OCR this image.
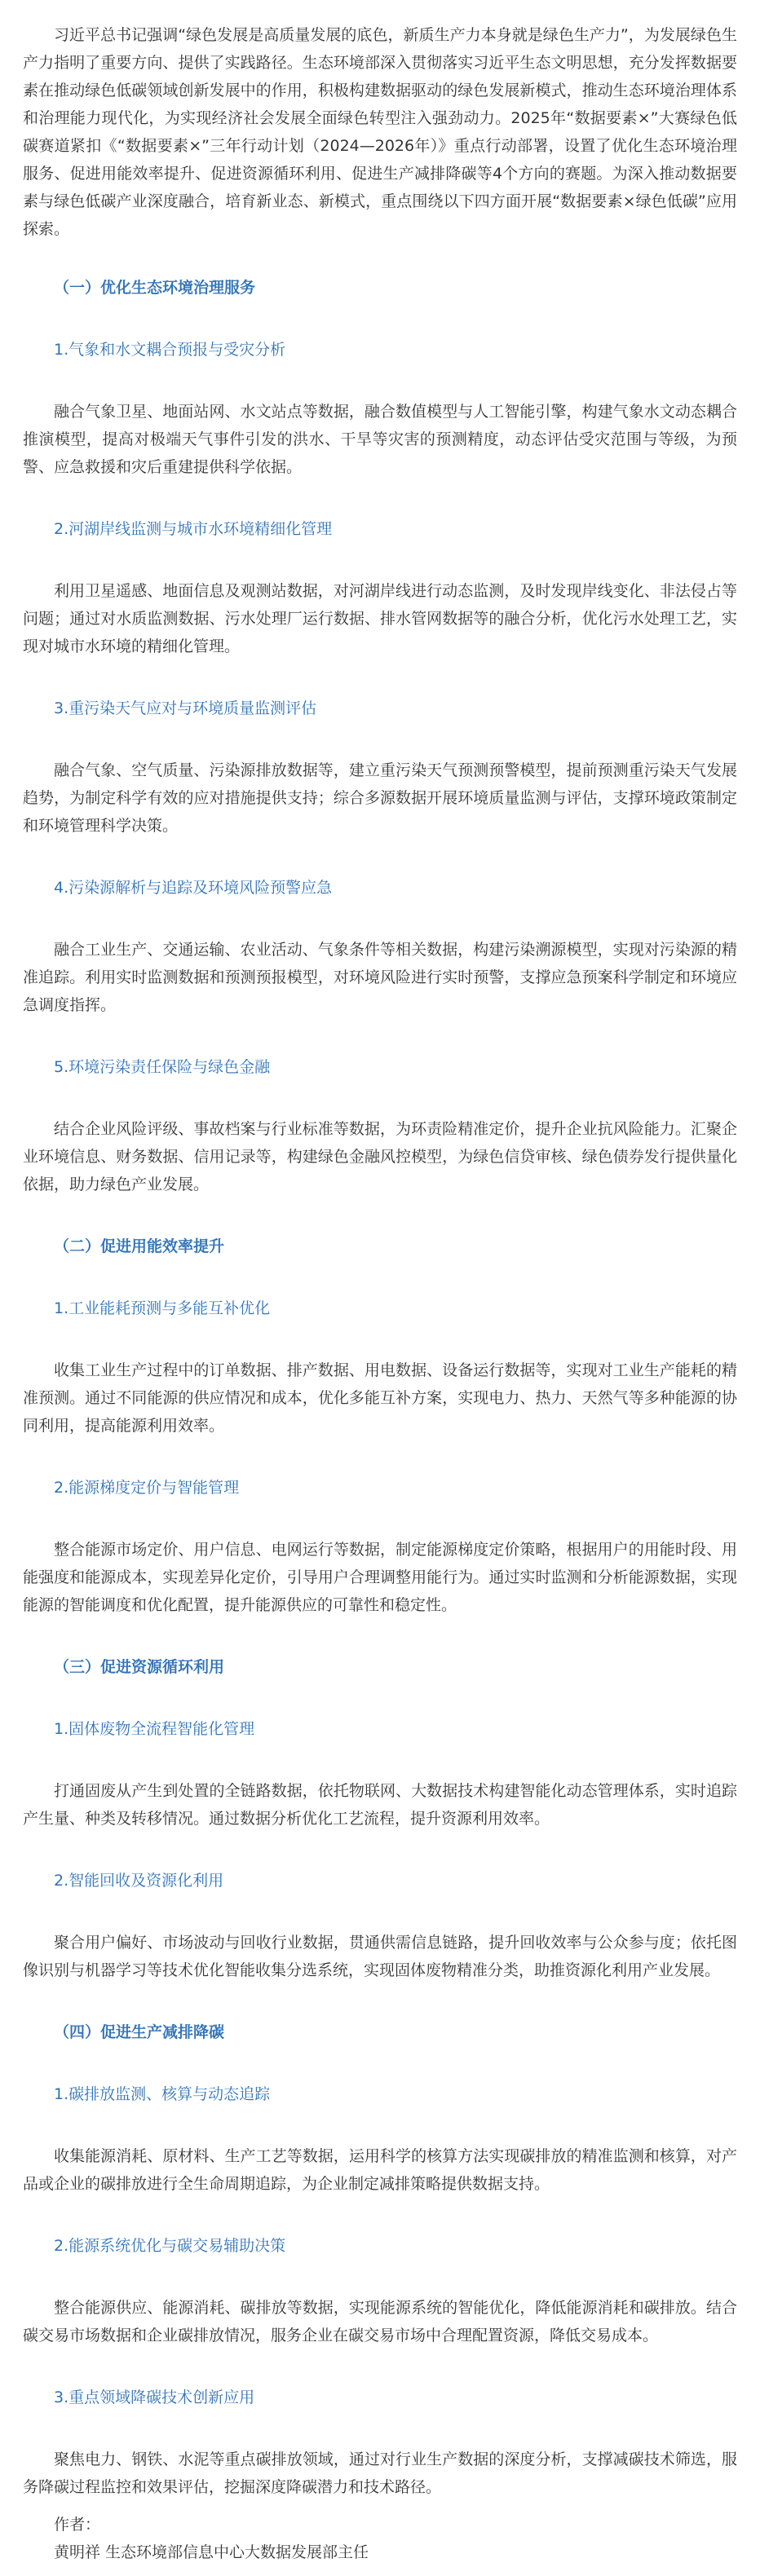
习近平总书记强调“绿色发展是高质量发展的底色，新质生产力本身就是绿色生产力”，为发展绿色生产力指明了重要方向、提供了实践路径。生态环境部深入贯彻落实习近平生态文明思想，充分发挥数据要素在推动绿色低碳领域创新发展中的作用，积极构建数据驱动的绿色发展新模式，推动生态环境治理体系和治理能力现代化，为实现经济社会发展全面绿色转型注入强劲动力。2025年“数据要素×”大赛绿色低碳赛道紧扣《“数据要素×”三年行动计划（2024—2026年）》重点行动部署，设置了优化生态环境治理服务、促进用能效率提升、促进资源循环利用、促进生产减排降碳等4个方向的赛题。为深入推动数据要素与绿色低碳产业深度融合，培育新业态、新模式，重点围绕以下四方面开展“数据要素×绿色低碳”应用探索。

（一）优化生态环境治理服务
1.气象和水文耦合预报与受灾分析

融合气象卫星、地面站网、水文站点等数据，融合数值模型与人工智能引擎，构建气象水文动态耦合推演模型，提高对极端天气事件引发的洪水、干旱等灾害的预测精度，动态评估受灾范围与等级，为预警、应急救援和灾后重建提供科学依据。

2.河湖岸线监测与城市水环境精细化管理

利用卫星遥感、地面信息及观测站数据，对河湖岸线进行动态监测，及时发现岸线变化、非法侵占等问题；通过对水质监测数据、污水处理厂运行数据、排水管网数据等的融合分析，优化污水处理工艺，实现对城市水环境的精细化管理。

3.重污染天气应对与环境质量监测评估

融合气象、空气质量、污染源排放数据等，建立重污染天气预测预警模型，提前预测重污染天气发展趋势，为制定科学有效的应对措施提供支持；综合多源数据开展环境质量监测与评估，支撑环境政策制定和环境管理科学决策。

4.污染源解析与追踪及环境风险预警应急

融合工业生产、交通运输、农业活动、气象条件等相关数据，构建污染溯源模型，实现对污染源的精准追踪。利用实时监测数据和预测预报模型，对环境风险进行实时预警，支撑应急预案科学制定和环境应急调度指挥。

5.环境污染责任保险与绿色金融

结合企业风险评级、事故档案与行业标准等数据，为环责险精准定价，提升企业抗风险能力。汇聚企业环境信息、财务数据、信用记录等，构建绿色金融风控模型，为绿色信贷审核、绿色债券发行提供量化依据，助力绿色产业发展。

（二）促进用能效率提升
1.工业能耗预测与多能互补优化

收集工业生产过程中的订单数据、排产数据、用电数据、设备运行数据等，实现对工业生产能耗的精准预测。通过不同能源的供应情况和成本，优化多能互补方案，实现电力、热力、天然气等多种能源的协同利用，提高能源利用效率。

2.能源梯度定价与智能管理

整合能源市场定价、用户信息、电网运行等数据，制定能源梯度定价策略，根据用户的用能时段、用能强度和能源成本，实现差异化定价，引导用户合理调整用能行为。通过实时监测和分析能源数据，实现能源的智能调度和优化配置，提升能源供应的可靠性和稳定性。

（三）促进资源循环利用
1.固体废物全流程智能化管理

打通固废从产生到处置的全链路数据，依托物联网、大数据技术构建智能化动态管理体系，实时追踪产生量、种类及转移情况。通过数据分析优化工艺流程，提升资源利用效率。

2.智能回收及资源化利用

聚合用户偏好、市场波动与回收行业数据，贯通供需信息链路，提升回收效率与公众参与度；依托图像识别与机器学习等技术优化智能收集分选系统，实现固体废物精准分类，助推资源化利用产业发展。

（四）促进生产减排降碳
1.碳排放监测、核算与动态追踪

收集能源消耗、原材料、生产工艺等数据，运用科学的核算方法实现碳排放的精准监测和核算，对产品或企业的碳排放进行全生命周期追踪，为企业制定减排策略提供数据支持。

2.能源系统优化与碳交易辅助决策

整合能源供应、能源消耗、碳排放等数据，实现能源系统的智能优化，降低能源消耗和碳排放。结合碳交易市场数据和企业碳排放情况，服务企业在碳交易市场中合理配置资源，降低交易成本。

3.重点领域降碳技术创新应用

聚焦电力、钢铁、水泥等重点碳排放领域，通过对行业生产数据的深度分析，支撑减碳技术筛选，服务降碳过程监控和效果评估，挖掘深度降碳潜力和技术路径。

作者：
黄明祥 生态环境部信息中心大数据发展部主任
